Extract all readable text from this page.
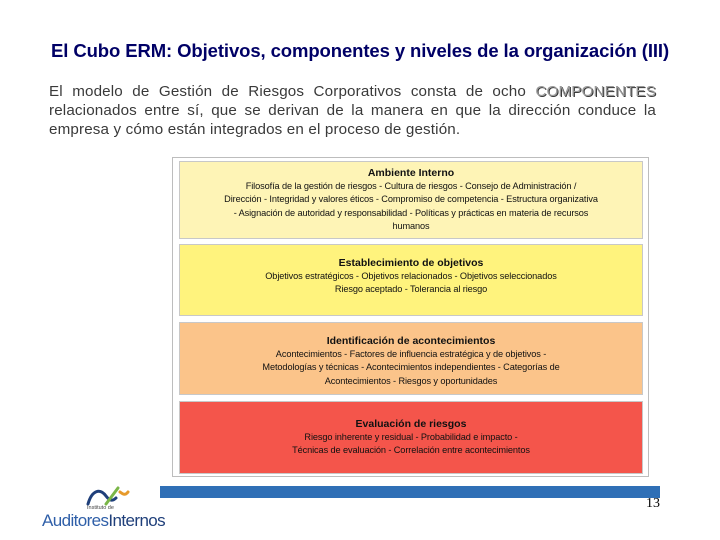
El Cubo ERM: Objetivos, componentes y niveles de la organización (III)
El modelo de Gestión de Riesgos Corporativos consta de ocho COMPONENTES relacionados entre sí, que se derivan de la manera en que la dirección conduce la empresa y cómo están integrados en el proceso de gestión.
Ambiente Interno
Filosofía de la gestión de riesgos - Cultura de riesgos - Consejo de Administración /
Dirección - Integridad y valores éticos - Compromiso de competencia - Estructura organizativa
- Asignación de autoridad y responsabilidad - Políticas y prácticas en materia de recursos
humanos
Establecimiento de objetivos
Objetivos estratégicos - Objetivos relacionados - Objetivos seleccionados
Riesgo aceptado - Tolerancia al riesgo
Identificación de acontecimientos
Acontecimientos - Factores de influencia estratégica y de objetivos -
Metodologías y técnicas - Acontecimientos independientes - Categorías de
Acontecimientos - Riesgos y oportunidades
Evaluación de riesgos
Riesgo inherente y residual - Probabilidad e impacto -
Técnicas de evaluación - Correlación entre acontecimientos
13
Instituto de
AuditoresInternos
